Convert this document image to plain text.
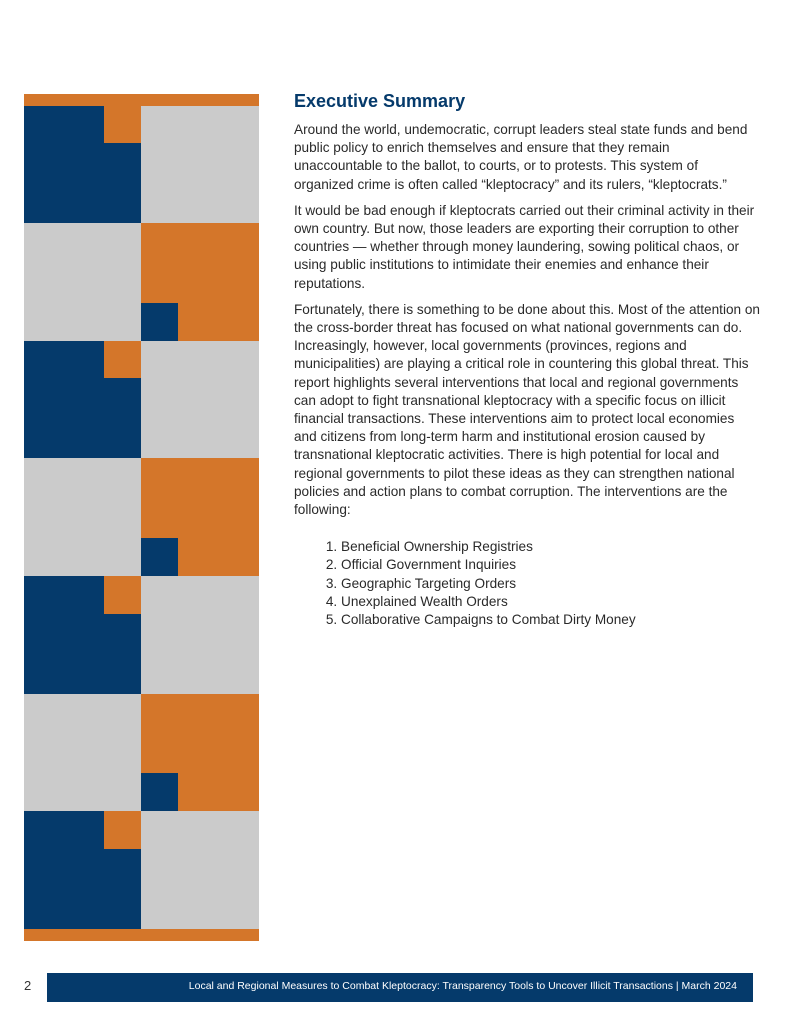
Executive Summary

Around the world, undemocratic, corrupt leaders steal state funds and bend public policy to enrich themselves and ensure that they remain unaccountable to the ballot, to courts, or to protests. This system of organized crime is often called “kleptocracy” and its rulers, “kleptocrats.”

It would be bad enough if kleptocrats carried out their criminal activity in their own country. But now, those leaders are exporting their corruption to other countries — whether through money laundering, sowing political chaos, or using public institutions to intimidate their enemies and enhance their reputations.

Fortunately, there is something to be done about this. Most of the attention on the cross-border threat has focused on what national governments can do. Increasingly, however, local governments (provinces, regions and municipalities) are playing a critical role in countering this global threat. This report highlights several interventions that local and regional governments can adopt to fight transnational kleptocracy with a specific focus on illicit financial transactions. These interventions aim to protect local economies and citizens from long-term harm and institutional erosion caused by transnational kleptocratic activities. There is high potential for local and regional governments to pilot these ideas as they can strengthen national policies and action plans to combat corruption. The interventions are the following:

1. Beneficial Ownership Registries
2. Official Government Inquiries
3. Geographic Targeting Orders
4. Unexplained Wealth Orders
5. Collaborative Campaigns to Combat Dirty Money
2	Local and Regional Measures to Combat Kleptocracy: Transparency Tools to Uncover Illicit Transactions | March 2024
